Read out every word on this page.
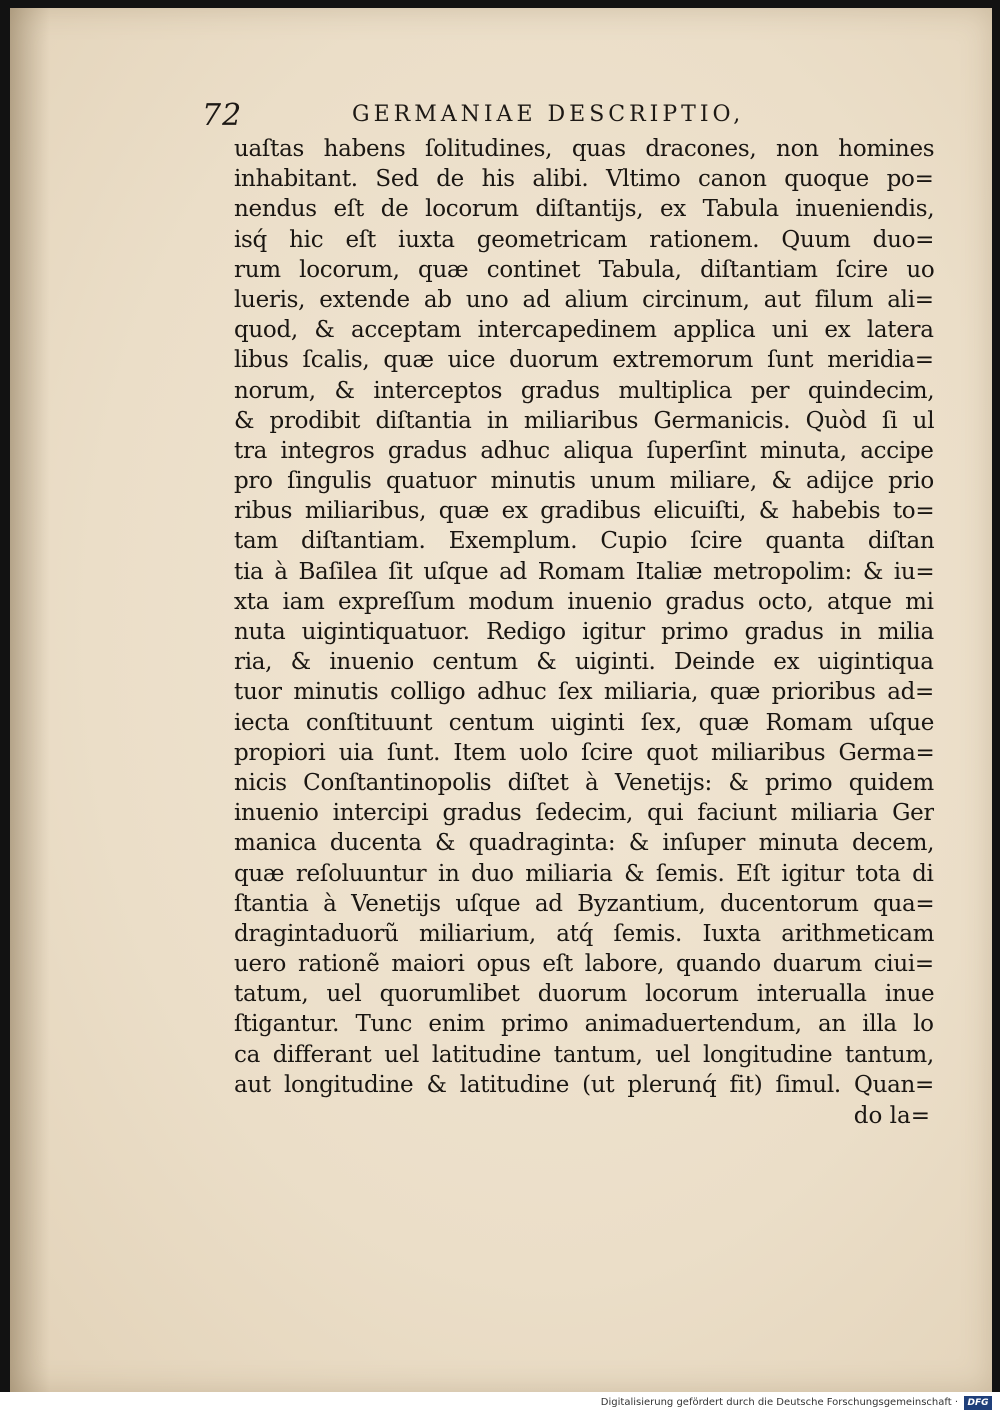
72	GERMANIAE DESCRIPTIO,
uaſtas habens ſolitudines, quas dracones, non homines
inhabitant. Sed de his alibi. Vltimo canon quoque po=
nendus eſt de locorum diſtantijs, ex Tabula inueniendis,
isq́ hic eſt iuxta geometricam rationem. Quum duo=
rum locorum, quæ continet Tabula, diſtantiam ſcire uo
lueris, extende ab uno ad alium circinum, aut filum ali=
quod, & acceptam intercapedinem applica uni ex latera
libus ſcalis, quæ uice duorum extremorum ſunt meridia=
norum, & interceptos gradus multiplica per quindecim,
& prodibit diſtantia in miliaribus Germanicis. Quòd ſi ul
tra integros gradus adhuc aliqua ſuperſint minuta, accipe
pro ſingulis quatuor minutis unum miliare, & adijce prio
ribus miliaribus, quæ ex gradibus elicuiſti, & habebis to=
tam diſtantiam. Exemplum. Cupio ſcire quanta diſtan
tia à Baſilea ſit uſque ad Romam Italiæ metropolim: & iu=
xta iam expreſſum modum inuenio gradus octo, atque mi
nuta uigintiquatuor. Redigo igitur primo gradus in milia
ria, & inuenio centum & uiginti. Deinde ex uigintiqua
tuor minutis colligo adhuc ſex miliaria, quæ prioribus ad=
iecta conſtituunt centum uiginti ſex, quæ Romam uſque
propiori uia ſunt. Item uolo ſcire quot miliaribus Germa=
nicis Conſtantinopolis diſtet à Venetijs: & primo quidem
inuenio intercipi gradus ſedecim, qui faciunt miliaria Ger
manica ducenta & quadraginta: & inſuper minuta decem,
quæ reſoluuntur in duo miliaria & ſemis. Eſt igitur tota di
ſtantia à Venetijs uſque ad Byzantium, ducentorum qua=
dragintaduorũ miliarium, atq́ ſemis. Iuxta arithmeticam
uero rationẽ maiori opus eſt labore, quando duarum ciui=
tatum, uel quorumlibet duorum locorum interualla inue
ſtigantur. Tunc enim primo animaduertendum, an illa lo
ca differant uel latitudine tantum, uel longitudine tantum,
aut longitudine & latitudine (ut plerunq́ fit) ſimul. Quan=
do la=
Digitalisierung gefördert durch die Deutsche Forschungsgemeinschaft ·	DFG
